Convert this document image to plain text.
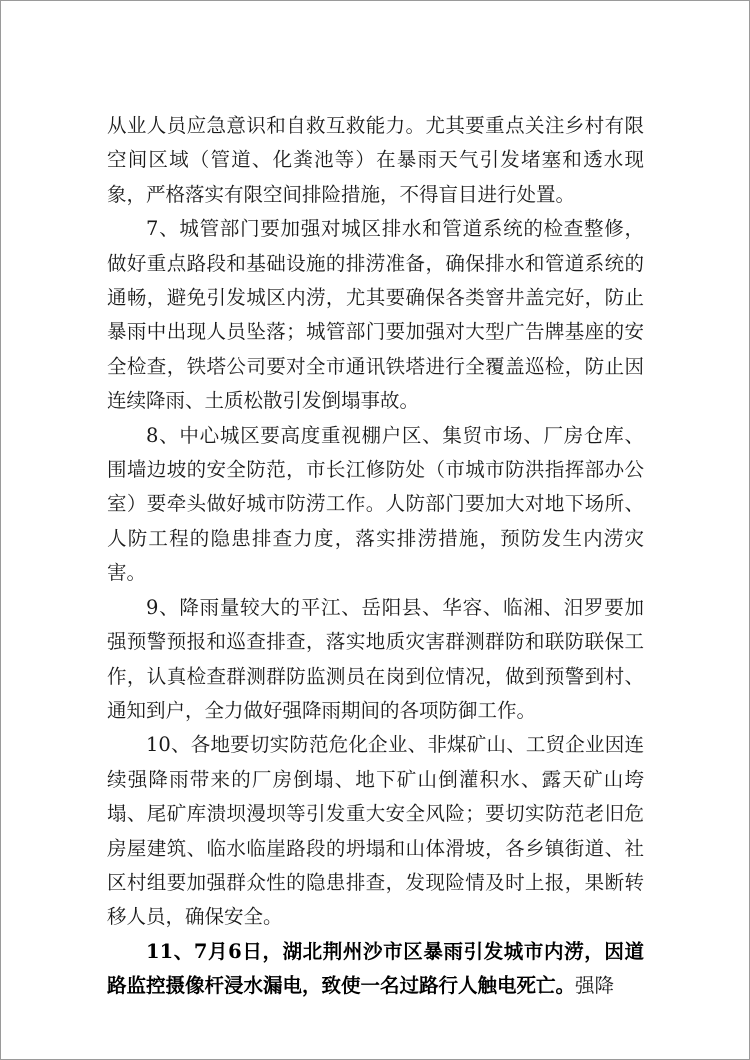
从业人员应急意识和自救互救能力。尤其要重点关注乡村有限空间区域（管道、化粪池等）在暴雨天气引发堵塞和透水现象，严格落实有限空间排险措施，不得盲目进行处置。

7、城管部门要加强对城区排水和管道系统的检查整修，做好重点路段和基础设施的排涝准备，确保排水和管道系统的通畅，避免引发城区内涝，尤其要确保各类窨井盖完好，防止暴雨中出现人员坠落；城管部门要加强对大型广告牌基座的安全检查，铁塔公司要对全市通讯铁塔进行全覆盖巡检，防止因连续降雨、土质松散引发倒塌事故。

8、中心城区要高度重视棚户区、集贸市场、厂房仓库、围墙边坡的安全防范，市长江修防处（市城市防洪指挥部办公室）要牵头做好城市防涝工作。人防部门要加大对地下场所、人防工程的隐患排查力度，落实排涝措施，预防发生内涝灾害。

9、降雨量较大的平江、岳阳县、华容、临湘、汨罗要加强预警预报和巡查排查，落实地质灾害群测群防和联防联保工作，认真检查群测群防监测员在岗到位情况，做到预警到村、通知到户，全力做好强降雨期间的各项防御工作。

10、各地要切实防范危化企业、非煤矿山、工贸企业因连续强降雨带来的厂房倒塌、地下矿山倒灌积水、露天矿山垮塌、尾矿库溃坝漫坝等引发重大安全风险；要切实防范老旧危房屋建筑、临水临崖路段的坍塌和山体滑坡，各乡镇街道、社区村组要加强群众性的隐患排查，发现险情及时上报，果断转移人员，确保安全。

11、7月6日，湖北荆州沙市区暴雨引发城市内涝，因道路监控摄像杆浸水漏电，致使一名过路行人触电死亡。强降
